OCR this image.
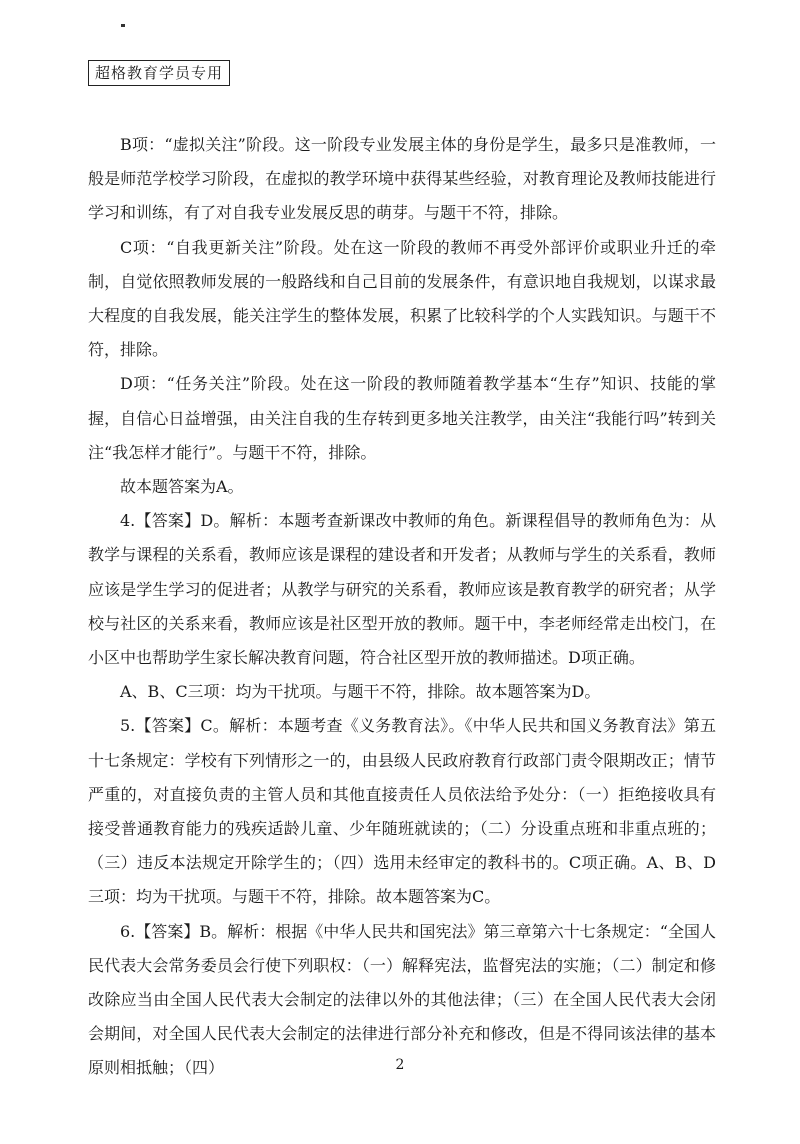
超格教育学员专用

B项：“虚拟关注”阶段。这一阶段专业发展主体的身份是学生，最多只是准教师，一般是师范学校学习阶段，在虚拟的教学环境中获得某些经验，对教育理论及教师技能进行学习和训练，有了对自我专业发展反思的萌芽。与题干不符，排除。

C项：“自我更新关注”阶段。处在这一阶段的教师不再受外部评价或职业升迁的牵制，自觉依照教师发展的一般路线和自己目前的发展条件，有意识地自我规划，以谋求最大程度的自我发展，能关注学生的整体发展，积累了比较科学的个人实践知识。与题干不符，排除。

D项：“任务关注”阶段。处在这一阶段的教师随着教学基本“生存”知识、技能的掌握，自信心日益增强，由关注自我的生存转到更多地关注教学，由关注“我能行吗”转到关注“我怎样才能行”。与题干不符，排除。

故本题答案为A。

4.【答案】D。解析：本题考查新课改中教师的角色。新课程倡导的教师角色为：从教学与课程的关系看，教师应该是课程的建设者和开发者；从教师与学生的关系看，教师应该是学生学习的促进者；从教学与研究的关系看，教师应该是教育教学的研究者；从学校与社区的关系来看，教师应该是社区型开放的教师。题干中，李老师经常走出校门，在小区中也帮助学生家长解决教育问题，符合社区型开放的教师描述。D项正确。

A、B、C三项：均为干扰项。与题干不符，排除。故本题答案为D。

5.【答案】C。解析：本题考查《义务教育法》。《中华人民共和国义务教育法》第五十七条规定：学校有下列情形之一的，由县级人民政府教育行政部门责令限期改正；情节严重的，对直接负责的主管人员和其他直接责任人员依法给予处分：（一）拒绝接收具有接受普通教育能力的残疾适龄儿童、少年随班就读的；（二）分设重点班和非重点班的；（三）违反本法规定开除学生的；（四）选用未经审定的教科书的。C项正确。A、B、D三项：均为干扰项。与题干不符，排除。故本题答案为C。

6.【答案】B。解析：根据《中华人民共和国宪法》第三章第六十七条规定：“全国人民代表大会常务委员会行使下列职权：（一）解释宪法，监督宪法的实施；（二）制定和修改除应当由全国人民代表大会制定的法律以外的其他法律；（三）在全国人民代表大会闭会期间，对全国人民代表大会制定的法律进行部分补充和修改，但是不得同该法律的基本原则相抵触；（四）	2
